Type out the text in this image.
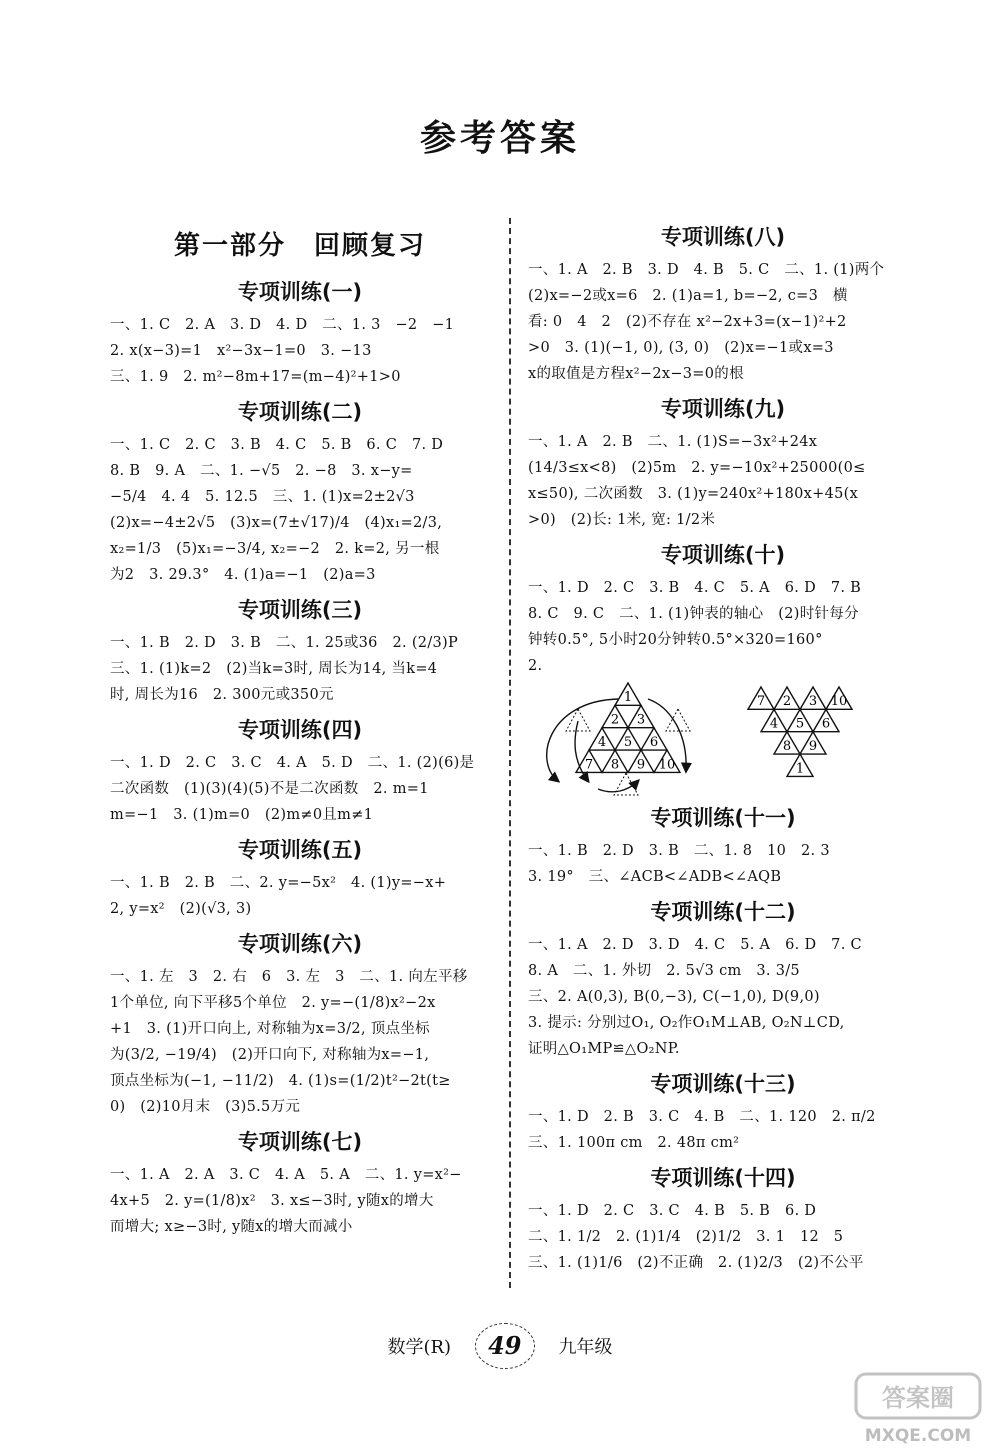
参考答案
第一部分　回顾复习
专项训练(一)
一、1. C　2. A　3. D　4. D　二、1. 3　−2　−1
2. x(x−3)=1　x²−3x−1=0　3. −13
三、1. 9　2. m²−8m+17=(m−4)²+1>0
专项训练(二)
一、1. C　2. C　3. B　4. C　5. B　6. C　7. D
8. B　9. A　二、1. −√5　2. −8　3. x−y=
−5/4　4. 4　5. 12.5　三、1. (1)x=2±2√3
(2)x=−4±2√5　(3)x=(7±√17)/4　(4)x₁=2/3,
x₂=1/3　(5)x₁=−3/4, x₂=−2　2. k=2, 另一根
为2　3. 29.3°　4. (1)a=−1　(2)a=3
专项训练(三)
一、1. B　2. D　3. B　二、1. 25或36　2. (2/3)P
三、1. (1)k=2　(2)当k=3时, 周长为14, 当k=4
时, 周长为16　2. 300元或350元
专项训练(四)
一、1. D　2. C　3. C　4. A　5. D　二、1. (2)(6)是
二次函数　(1)(3)(4)(5)不是二次函数　2. m=1
m=−1　3. (1)m=0　(2)m≠0且m≠1
专项训练(五)
一、1. B　2. B　二、2. y=−5x²　4. (1)y=−x+
2, y=x²　(2)(√3, 3)
专项训练(六)
一、1. 左　3　2. 右　6　3. 左　3　二、1. 向左平移
1个单位, 向下平移5个单位　2. y=−(1/8)x²−2x
+1　3. (1)开口向上, 对称轴为x=3/2, 顶点坐标
为(3/2, −19/4)　(2)开口向下, 对称轴为x=−1,
顶点坐标为(−1, −11/2)　4. (1)s=(1/2)t²−2t(t≥
0)　(2)10月末　(3)5.5万元
专项训练(七)
一、1. A　2. A　3. C　4. A　5. A　二、1. y=x²−
4x+5　2. y=(1/8)x²　3. x≤−3时, y随x的增大
而增大; x≥−3时, y随x的增大而减小
专项训练(八)
一、1. A　2. B　3. D　4. B　5. C　二、1. (1)两个
(2)x=−2或x=6　2. (1)a=1, b=−2, c=3　横
看: 0　4　2　(2)不存在 x²−2x+3=(x−1)²+2
>0　3. (1)(−1, 0), (3, 0)　(2)x=−1或x=3
x的取值是方程x²−2x−3=0的根
专项训练(九)
一、1. A　2. B　二、1. (1)S=−3x²+24x
(14/3≤x<8)　(2)5m　2. y=−10x²+25000(0≤
x≤50), 二次函数　3. (1)y=240x²+180x+45(x
>0)　(2)长: 1米, 宽: 1/2米
专项训练(十)
一、1. D　2. C　3. B　4. C　5. A　6. D　7. B
8. C　9. C　二、1. (1)钟表的轴心　(2)时针每分
钟转0.5°, 5小时20分钟转0.5°×320=160°
2.
1
2 3
4 5 6
7 8 9 10
7 2 3 10
4 5 6
8 9
1
专项训练(十一)
一、1. B　2. D　3. B　二、1. 8　10　2. 3
3. 19°　三、∠ACB<∠ADB<∠AQB
专项训练(十二)
一、1. A　2. D　3. D　4. C　5. A　6. D　7. C
8. A　二、1. 外切　2. 5√3 cm　3. 3/5
三、2. A(0,3), B(0,−3), C(−1,0), D(9,0)
3. 提示: 分别过O₁, O₂作O₁M⊥AB, O₂N⊥CD,
证明△O₁MP≌△O₂NP.
专项训练(十三)
一、1. D　2. B　3. C　4. B　二、1. 120　2. π/2
三、1. 100π cm　2. 48π cm²
专项训练(十四)
一、1. D　2. C　3. C　4. B　5. B　6. D
二、1. 1/2　2. (1)1/4　(2)1/2　3. 1　12　5
三、1. (1)1/6　(2)不正确　2. (1)2/3　(2)不公平
数学(R) 49 九年级
答案圈
MXQE.COM
